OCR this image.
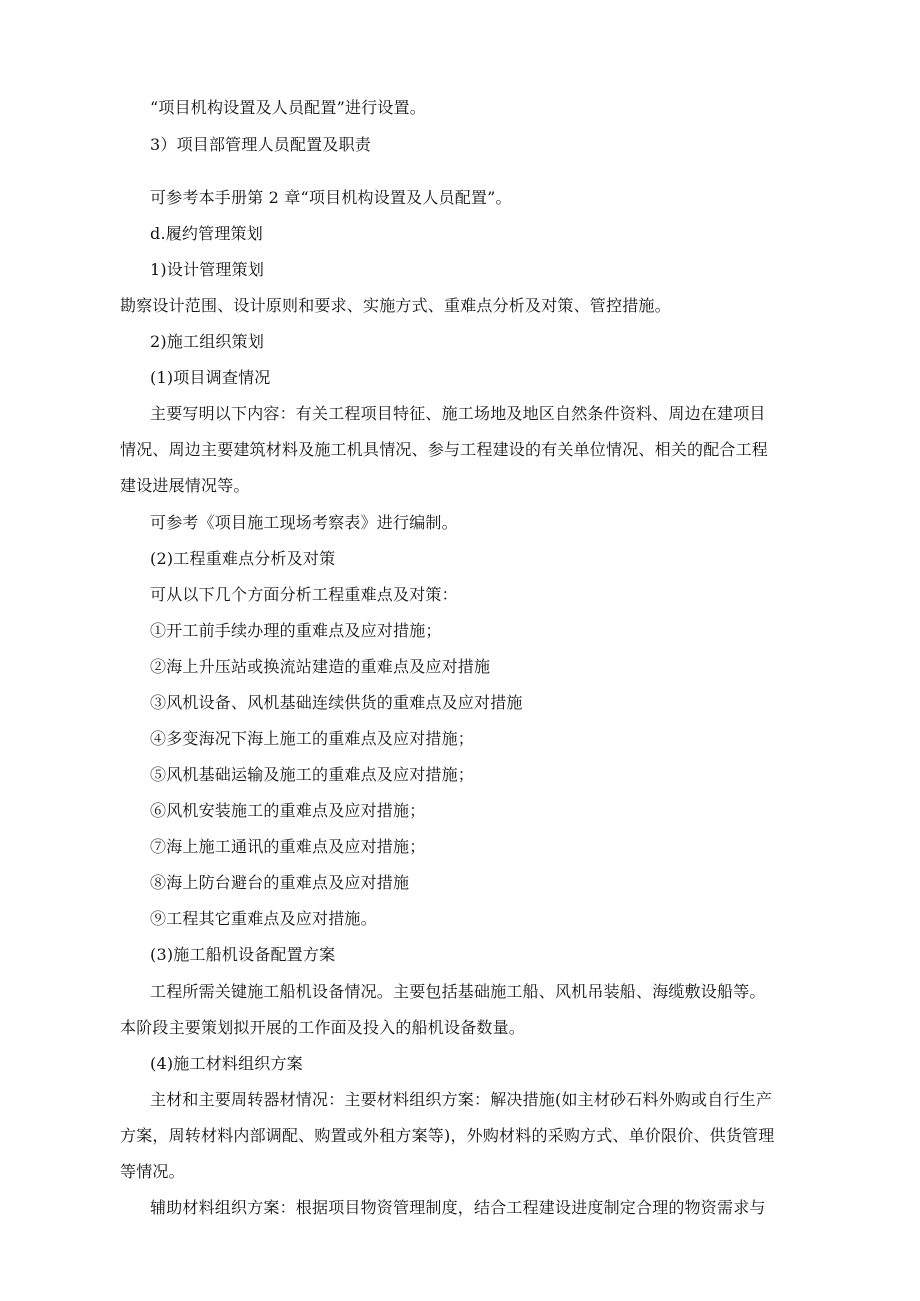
“项目机构设置及人员配置”进行设置。
3）项目部管理人员配置及职责
可参考本手册第 2 章“项目机构设置及人员配置”。
d.履约管理策划
1)设计管理策划
勘察设计范围、设计原则和要求、实施方式、重难点分析及对策、管控措施。
2)施工组织策划
(1)项目调查情况
主要写明以下内容：有关工程项目特征、施工场地及地区自然条件资料、周边在建项目
情况、周边主要建筑材料及施工机具情况、参与工程建设的有关单位情况、相关的配合工程
建设进展情况等。
可参考《项目施工现场考察表》进行编制。
(2)工程重难点分析及对策
可从以下几个方面分析工程重难点及对策：
①开工前手续办理的重难点及应对措施；
②海上升压站或换流站建造的重难点及应对措施
③风机设备、风机基础连续供货的重难点及应对措施
④多变海况下海上施工的重难点及应对措施；
⑤风机基础运输及施工的重难点及应对措施；
⑥风机安装施工的重难点及应对措施；
⑦海上施工通讯的重难点及应对措施；
⑧海上防台避台的重难点及应对措施
⑨工程其它重难点及应对措施。
(3)施工船机设备配置方案
工程所需关键施工船机设备情况。主要包括基础施工船、风机吊装船、海缆敷设船等。
本阶段主要策划拟开展的工作面及投入的船机设备数量。
(4)施工材料组织方案
主材和主要周转器材情况：主要材料组织方案：解决措施(如主材砂石料外购或自行生产
方案，周转材料内部调配、购置或外租方案等)，外购材料的采购方式、单价限价、供货管理
等情况。
辅助材料组织方案：根据项目物资管理制度，结合工程建设进度制定合理的物资需求与
